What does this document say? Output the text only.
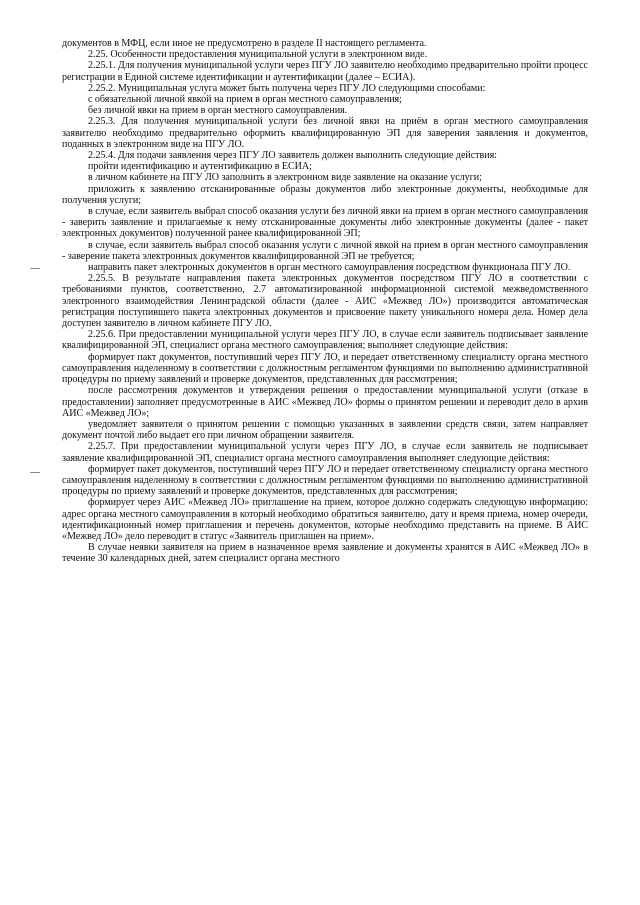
документов в МФЦ, если иное не предусмотрено в разделе II настоящего регламента.

2.25. Особенности предоставления муниципальной услуги в электронном виде.

2.25.1. Для получения муниципальной услуги через ПГУ ЛО заявителю необходимо предварительно пройти процесс регистрации в Единой системе идентификации и аутентификации (далее – ЕСИА).

2.25.2. Муниципальная услуга может быть получена через ПГУ ЛО следующими способами:

с обязательной личной явкой на прием в орган местного самоуправления;

без личной явки на прием в орган местного самоуправления.

2.25.3. Для получения муниципальной услуги без личной явки на приём в орган местного самоуправления заявителю необходимо предварительно оформить квалифицированную ЭП для заверения заявления и документов, поданных в электронном виде на ПГУ ЛО.

2.25.4. Для подачи заявления через ПГУ ЛО заявитель должен выполнить следующие действия:

пройти идентификацию и аутентификацию в ЕСИА;

в личном кабинете на ПГУ ЛО заполнить в электронном виде заявление на оказание услуги;

приложить к заявлению отсканированные образы документов либо электронные документы, необходимые для получения услуги;

в случае, если заявитель выбрал способ оказания услуги без личной явки на прием в орган местного самоуправления - заверить заявление и прилагаемые к нему отсканированные документы либо электронные документы (далее - пакет электронных документов) полученной ранее квалифицированной ЭП;

в случае, если заявитель выбрал способ оказания услуги с личной явкой на прием в орган местного самоуправления - заверение пакета электронных документов квалифицированной ЭП не требуется;

направить пакет электронных документов в орган местного самоуправления посредством функционала ПГУ ЛО.

2.25.5. В результате направления пакета электронных документов посредством ПГУ ЛО в соответствии с требованиями пунктов, соответственно, 2.7 автоматизированной информационной системой межведомственного электронного взаимодействия Ленинградской области (далее - АИС «Межвед ЛО») производится автоматическая регистрация поступившего пакета электронных документов и присвоение пакету уникального номера дела. Номер дела доступен заявителю в личном кабинете ПГУ ЛО.

2.25.6. При предоставлении муниципальной услуги через ПГУ ЛО, в случае если заявитель подписывает заявление квалифицированной ЭП, специалист органа местного самоуправления; выполняет следующие действия:

формирует пакт документов, поступивший через ПГУ ЛО, и передает ответственному специалисту органа местного самоуправления наделенному в соответствии с должностным регламентом функциями по выполнению административной процедуры по приему заявлений и проверке документов, представленных для рассмотрения;

после рассмотрения документов и утверждения решения о предоставлении муниципальной услуги (отказе в предоставлении) заполняет предусмотренные в АИС «Межвед ЛО» формы о принятом решении и переводит дело в архив АИС «Межвед ЛО»;

уведомляет заявителя о принятом решении с помощью указанных в заявлении средств связи, затем направляет документ почтой либо выдает его при личном обращении заявителя.

2.25.7. При предоставлении муниципальной услуги через ПГУ ЛО, в случае если заявитель не подписывает заявление квалифицированной ЭП, специалист органа местного самоуправления выполняет следующие действия:

формирует пакет документов, поступивший через ПГУ ЛО и передает ответственному специалисту органа местного самоуправления наделенному в соответствии с должностным регламентом функциями по выполнению административной процедуры по приему заявлений и проверке документов, представленных для рассмотрения;

формирует через АИС «Межвед ЛО» приглашение на прием, которое должно содержать следующую информацию: адрес органа местного самоуправления в который необходимо обратиться заявителю, дату и время приема, номер очереди, идентификационный номер приглашения и перечень документов, которые необходимо представить на приеме. В АИС «Межвед ЛО» дело переводит в статус «Заявитель приглашен на прием».

В случае неявки заявителя на прием в назначенное время заявление и документы хранятся в АИС «Межвед ЛО» в течение 30 календарных дней, затем специалист органа местного
